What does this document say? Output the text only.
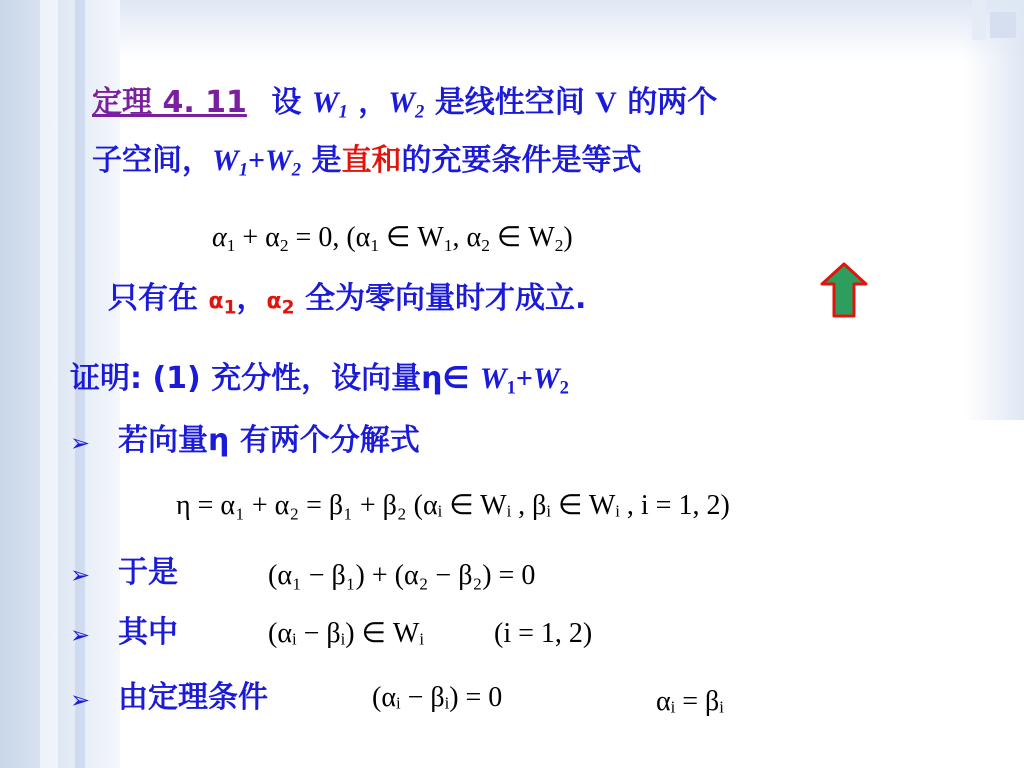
定理 4. 11 设 $W_1$ ，$W_2$ 是线性空间 V 的两个
子空间，$W_1+W_2$ 是直和的充要条件是等式
$\alpha_1 + \alpha_2 = 0$, ($\alpha_1$ ∈ $W_1$, $\alpha_2$ ∈ $W_2$)
只有在 $\alpha_1$，$\alpha_2$ 全为零向量时才成立.
证明: (1) 充分性，设向量η∈ $W_1+W_2$
➢ 若向量η 有两个分解式
η = α₁ + α₂ = β₁ + β₂ (αᵢ ∈ Wᵢ , βᵢ ∈ Wᵢ , i = 1, 2)
➢ 于是	(α₁ − β₁) + (α₂ − β₂) = 0
➢ 其中	(αᵢ − βᵢ) ∈ Wᵢ	(i = 1, 2)
➢ 由定理条件	(αᵢ − βᵢ) = 0	αᵢ = βᵢ
